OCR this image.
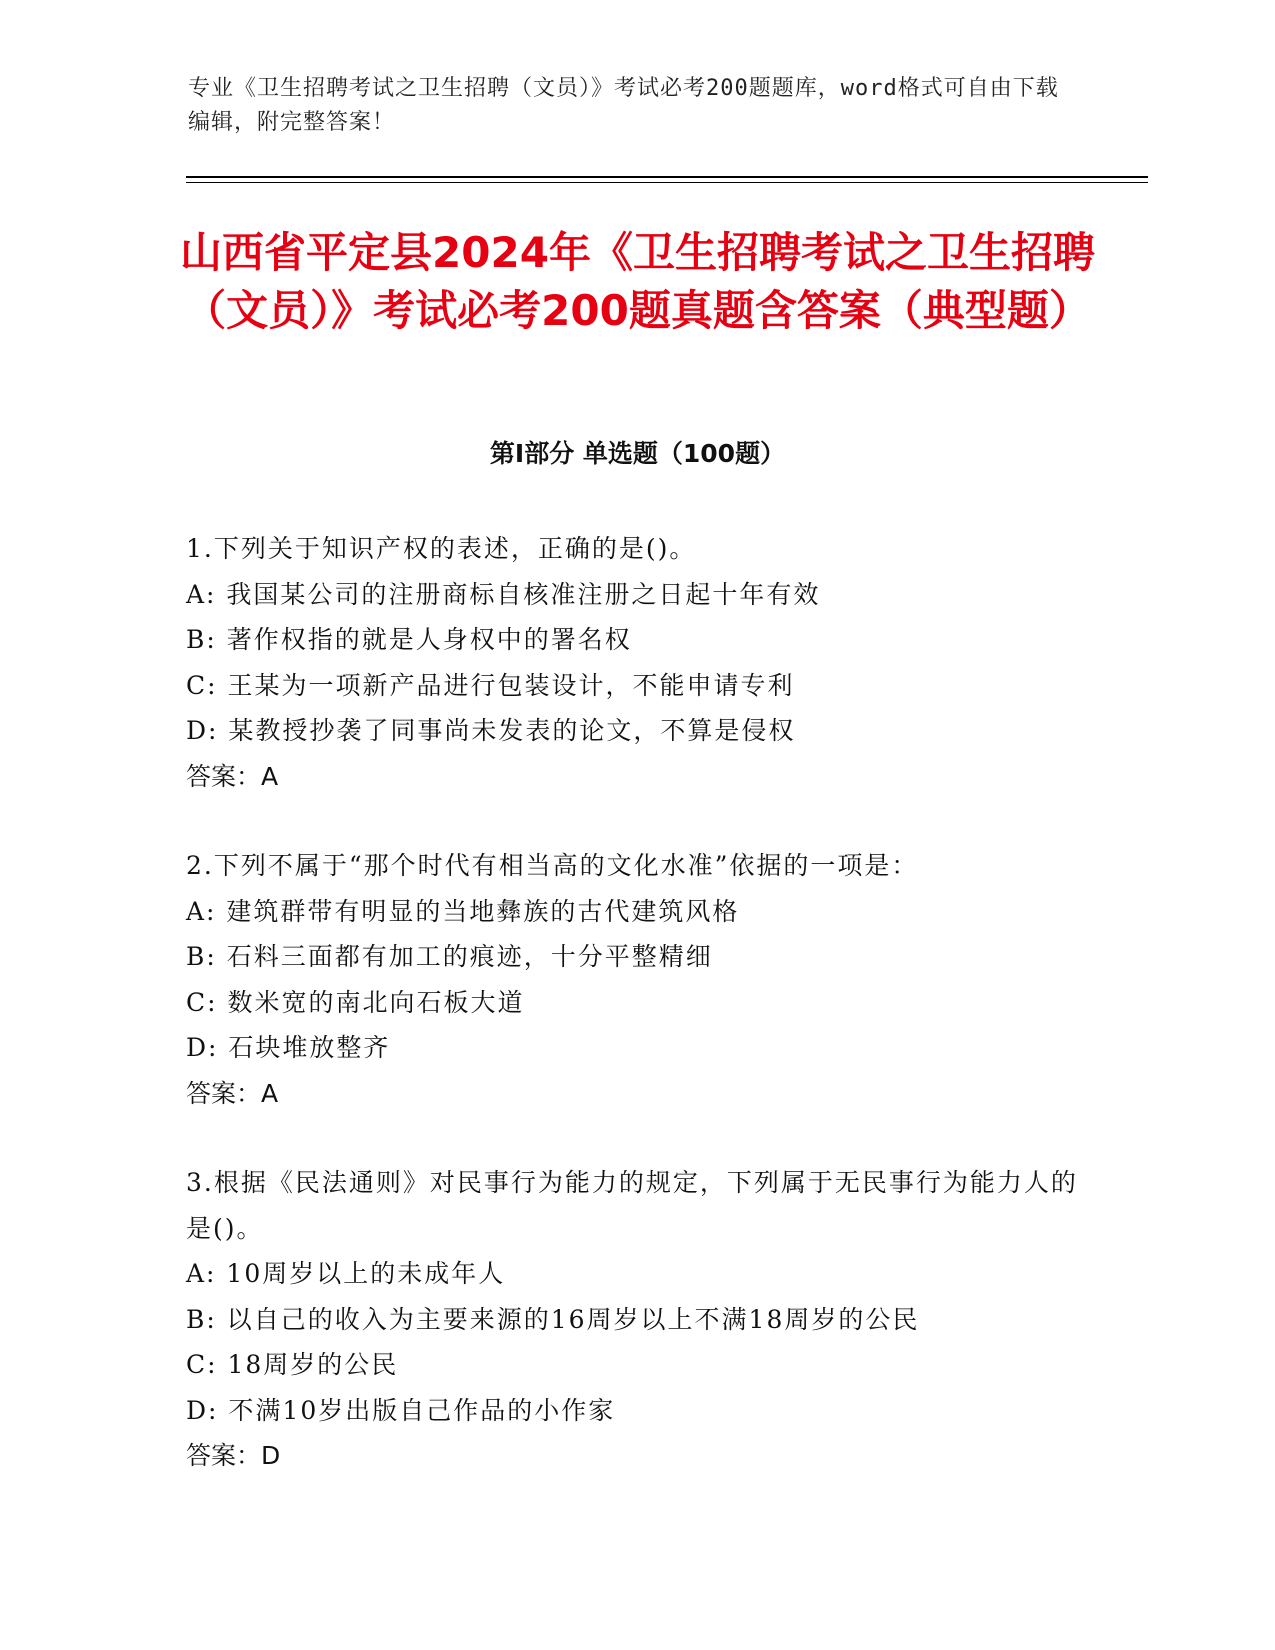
专业《卫生招聘考试之卫生招聘（文员）》考试必考200题题库，word格式可自由下载编辑，附完整答案！
山西省平定县2024年《卫生招聘考试之卫生招聘（文员）》考试必考200题真题含答案（典型题）
第Ⅰ部分 单选题（100题）
1.下列关于知识产权的表述，正确的是()。
A: 我国某公司的注册商标自核准注册之日起十年有效
B: 著作权指的就是人身权中的署名权
C: 王某为一项新产品进行包装设计，不能申请专利
D: 某教授抄袭了同事尚未发表的论文，不算是侵权
答案：A
2.下列不属于“那个时代有相当高的文化水准”依据的一项是：
A: 建筑群带有明显的当地彝族的古代建筑风格
B: 石料三面都有加工的痕迹，十分平整精细
C: 数米宽的南北向石板大道
D: 石块堆放整齐
答案：A
3.根据《民法通则》对民事行为能力的规定，下列属于无民事行为能力人的是()。
A: 10周岁以上的未成年人
B: 以自己的收入为主要来源的16周岁以上不满18周岁的公民
C: 18周岁的公民
D: 不满10岁出版自己作品的小作家
答案：D
